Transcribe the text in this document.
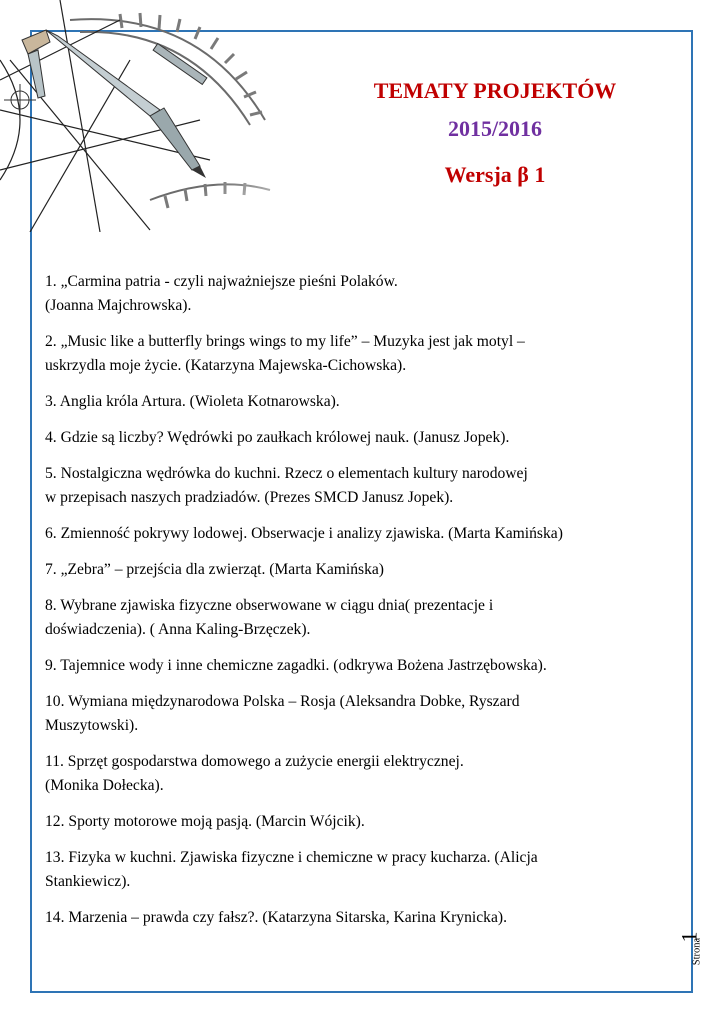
TEMATY PROJEKTÓW

2015/2016

Wersja β 1

1. „Carmina patria - czyli najważniejsze pieśni Polaków.
(Joanna Majchrowska).

2. „Music like a butterfly brings wings to my life” – Muzyka jest jak motyl –
uskrzydla moje życie. (Katarzyna Majewska-Cichowska).

3. Anglia króla Artura. (Wioleta Kotnarowska).

4. Gdzie są liczby? Wędrówki po zaułkach królowej nauk. (Janusz Jopek).

5. Nostalgiczna wędrówka do kuchni. Rzecz o elementach kultury narodowej
w przepisach naszych pradziadów. (Prezes SMCD Janusz Jopek).

6. Zmienność pokrywy lodowej. Obserwacje i analizy zjawiska. (Marta Kamińska)

7. „Zebra” – przejścia dla zwierząt. (Marta Kamińska)

8. Wybrane zjawiska fizyczne obserwowane w ciągu dnia( prezentacje i
doświadczenia). ( Anna Kaling-Brzęczek).

9. Tajemnice wody i inne chemiczne zagadki. (odkrywa Bożena Jastrzębowska).

10. Wymiana międzynarodowa Polska – Rosja (Aleksandra Dobke, Ryszard
Muszytowski).

11. Sprzęt gospodarstwa domowego a zużycie energii elektrycznej.
(Monika Dołecka).

12. Sporty motorowe moją pasją. (Marcin Wójcik).

13. Fizyka w kuchni. Zjawiska fizyczne i chemiczne w pracy kucharza. (Alicja
Stankiewicz).

14. Marzenia – prawda czy fałsz?. (Katarzyna Sitarska, Karina Krynicka).

Strona
1
